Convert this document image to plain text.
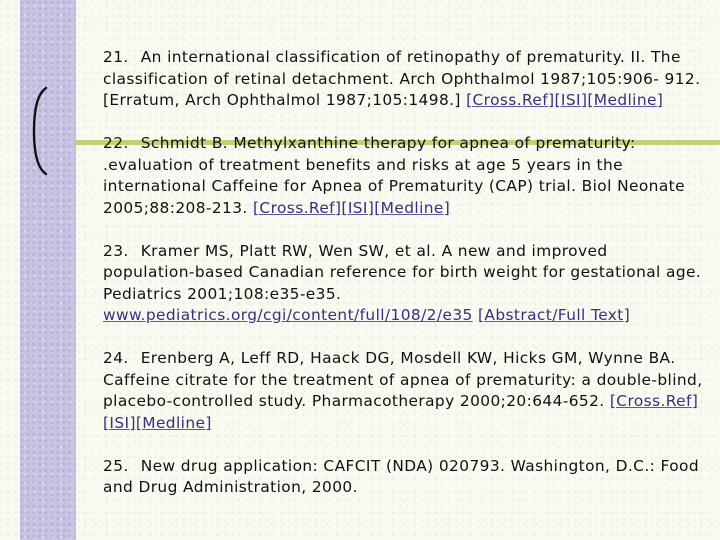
21. An international classification of retinopathy of prematurity. II. The classification of retinal detachment. Arch Ophthalmol 1987;105:906- 912. [Erratum, Arch Ophthalmol 1987;105:1498.] [Cross.Ref][ISI][Medline]

22. Schmidt B. Methylxanthine therapy for apnea of prematurity: .evaluation of treatment benefits and risks at age 5 years in the international Caffeine for Apnea of Prematurity (CAP) trial. Biol Neonate 2005;88:208-213. [Cross.Ref][ISI][Medline]

23. Kramer MS, Platt RW, Wen SW, et al. A new and improved population-based Canadian reference for birth weight for gestational age. Pediatrics 2001;108:e35-e35. www.pediatrics.org/cgi/content/full/108/2/e35 [Abstract/Full Text]

24. Erenberg A, Leff RD, Haack DG, Mosdell KW, Hicks GM, Wynne BA. Caffeine citrate for the treatment of apnea of prematurity: a double-blind, placebo-controlled study. Pharmacotherapy 2000;20:644-652. [Cross.Ref][ISI][Medline]

25. New drug application: CAFCIT (NDA) 020793. Washington, D.C.: Food and Drug Administration, 2000.
